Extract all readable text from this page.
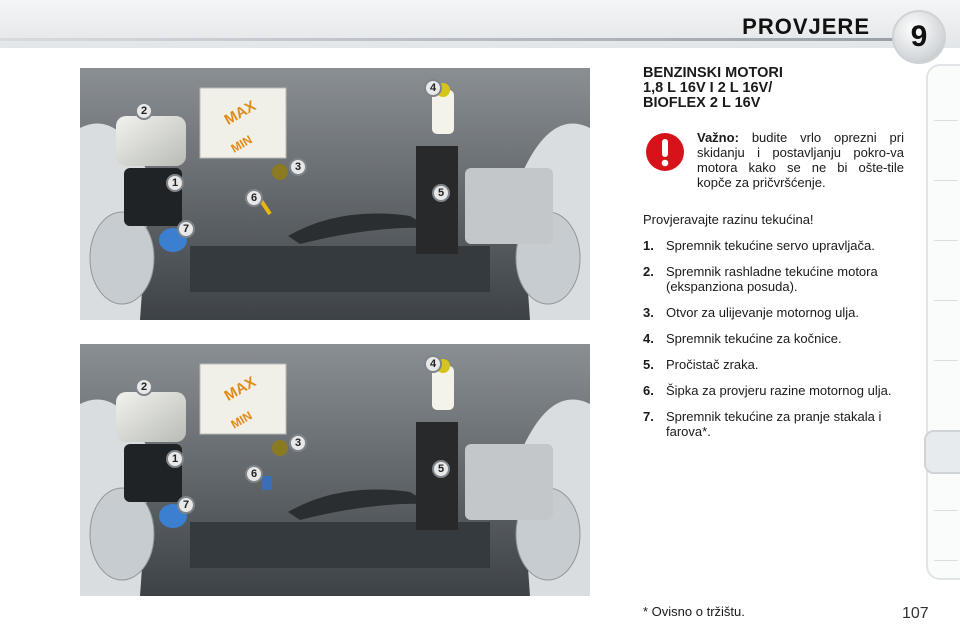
PROVJERE	9
MAX
MIN
MAX
MIN
1
2
3
4
5
6
7
1
2
3
4
5
6
7
BENZINSKI MOTORI
1,8 L 16V I 2 L 16V/
BIOFLEX 2 L 16V
Važno: budite vrlo oprezni pri skidanju i postavljanju pokro-va motora kako se ne bi ošte-tile kopče za pričvršćenje.
Provjeravajte razinu tekućina!
1. Spremnik tekućine servo upravljača.
2. Spremnik rashladne tekućine motora (ekspanziona posuda).
3. Otvor za ulijevanje motornog ulja.
4. Spremnik tekućine za kočnice.
5. Pročistač zraka.
6. Šipka za provjeru razine motornog ulja.
7. Spremnik tekućine za pranje stakala i farova*.
* Ovisno o tržištu.	107
